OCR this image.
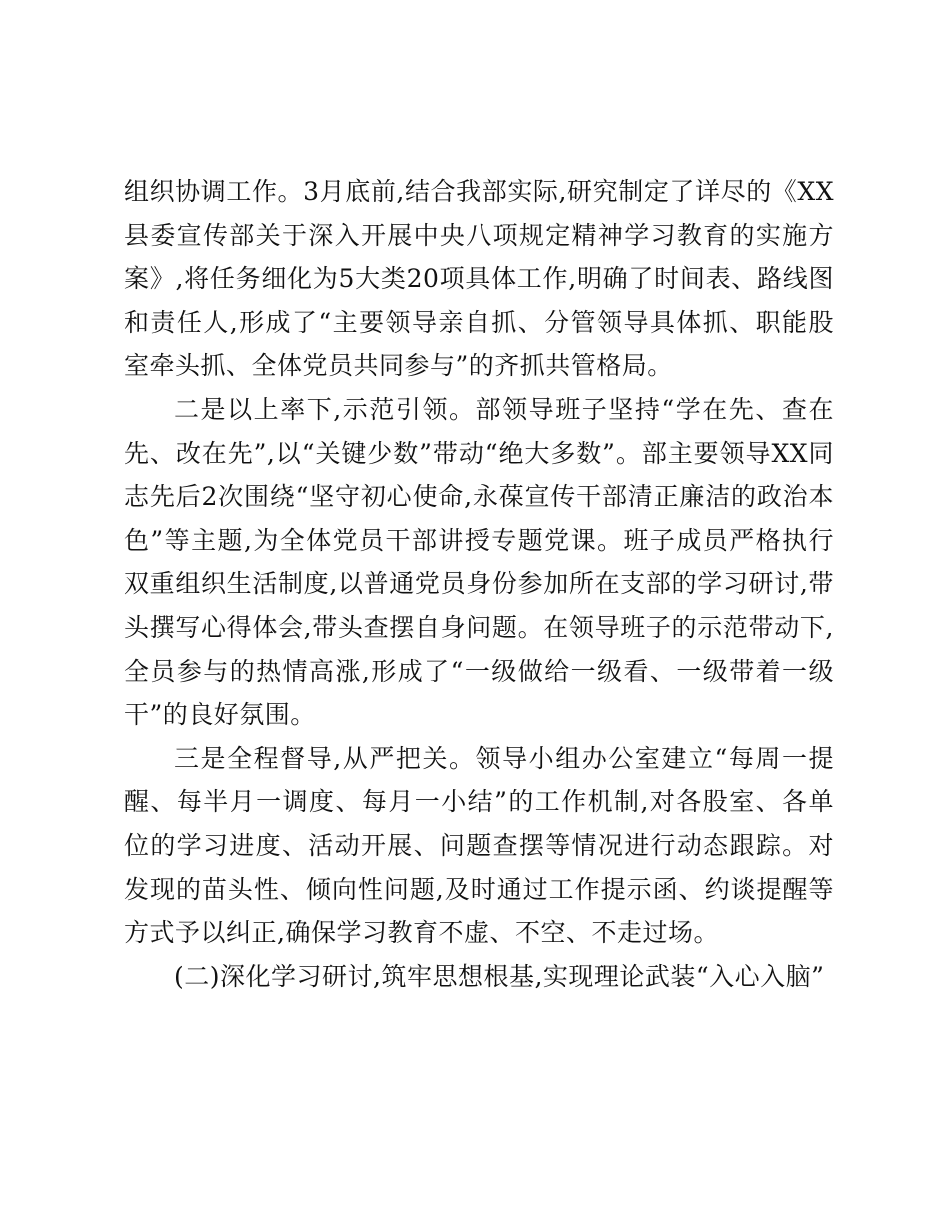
组织协调工作。3月底前,结合我部实际,研究制定了详尽的《XX县委宣传部关于深入开展中央八项规定精神学习教育的实施方案》,将任务细化为5大类20项具体工作,明确了时间表、路线图和责任人,形成了“主要领导亲自抓、分管领导具体抓、职能股室牵头抓、全体党员共同参与”的齐抓共管格局。

二是以上率下,示范引领。部领导班子坚持“学在先、查在先、改在先”,以“关键少数”带动“绝大多数”。部主要领导XX同志先后2次围绕“坚守初心使命,永葆宣传干部清正廉洁的政治本色”等主题,为全体党员干部讲授专题党课。班子成员严格执行双重组织生活制度,以普通党员身份参加所在支部的学习研讨,带头撰写心得体会,带头查摆自身问题。在领导班子的示范带动下,全员参与的热情高涨,形成了“一级做给一级看、一级带着一级干”的良好氛围。

三是全程督导,从严把关。领导小组办公室建立“每周一提醒、每半月一调度、每月一小结”的工作机制,对各股室、各单位的学习进度、活动开展、问题查摆等情况进行动态跟踪。对发现的苗头性、倾向性问题,及时通过工作提示函、约谈提醒等方式予以纠正,确保学习教育不虚、不空、不走过场。

(二)深化学习研讨,筑牢思想根基,实现理论武装“入心入脑”
